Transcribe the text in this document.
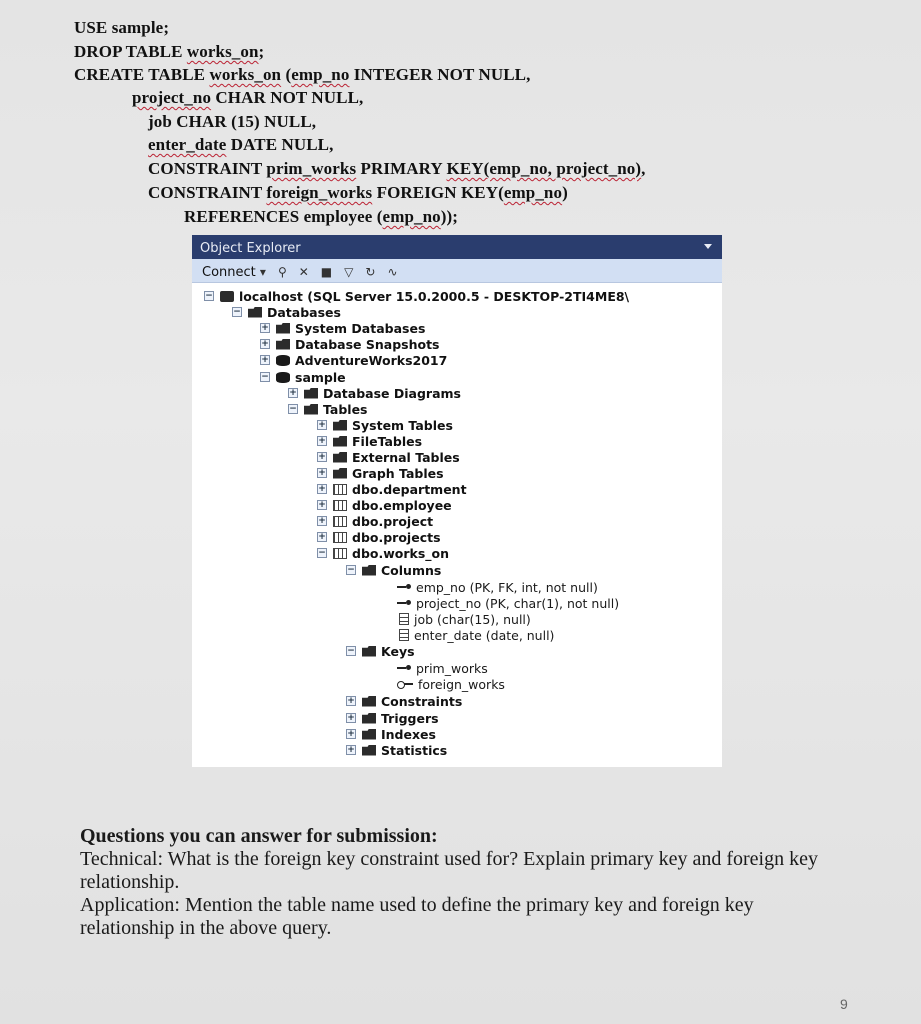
USE sample;
DROP TABLE works_on;
CREATE TABLE works_on (emp_no INTEGER NOT NULL,
project_no CHAR NOT NULL,
job CHAR (15) NULL,
enter_date DATE NULL,
CONSTRAINT prim_works PRIMARY KEY(emp_no, project_no),
CONSTRAINT foreign_works FOREIGN KEY(emp_no)
REFERENCES employee (emp_no));
Object Explorer
Connect ▾ ⚲ ✕ ■ ▽ ↻ ∿
− localhost (SQL Server 15.0.2000.5 - DESKTOP-2TI4ME8\
− Databases
+ System Databases
+ Database Snapshots
+ AdventureWorks2017
− sample
+ Database Diagrams
− Tables
+ System Tables
+ FileTables
+ External Tables
+ Graph Tables
+ dbo.department
+ dbo.employee
+ dbo.project
+ dbo.projects
− dbo.works_on
− Columns
emp_no (PK, FK, int, not null)
project_no (PK, char(1), not null)
job (char(15), null)
enter_date (date, null)
− Keys
prim_works
foreign_works
+ Constraints
+ Triggers
+ Indexes
+ Statistics
Questions you can answer for submission:
Technical: What is the foreign key constraint used for? Explain primary key and foreign key relationship.
Application: Mention the table name used to define the primary key and foreign key relationship in the above query.
9
